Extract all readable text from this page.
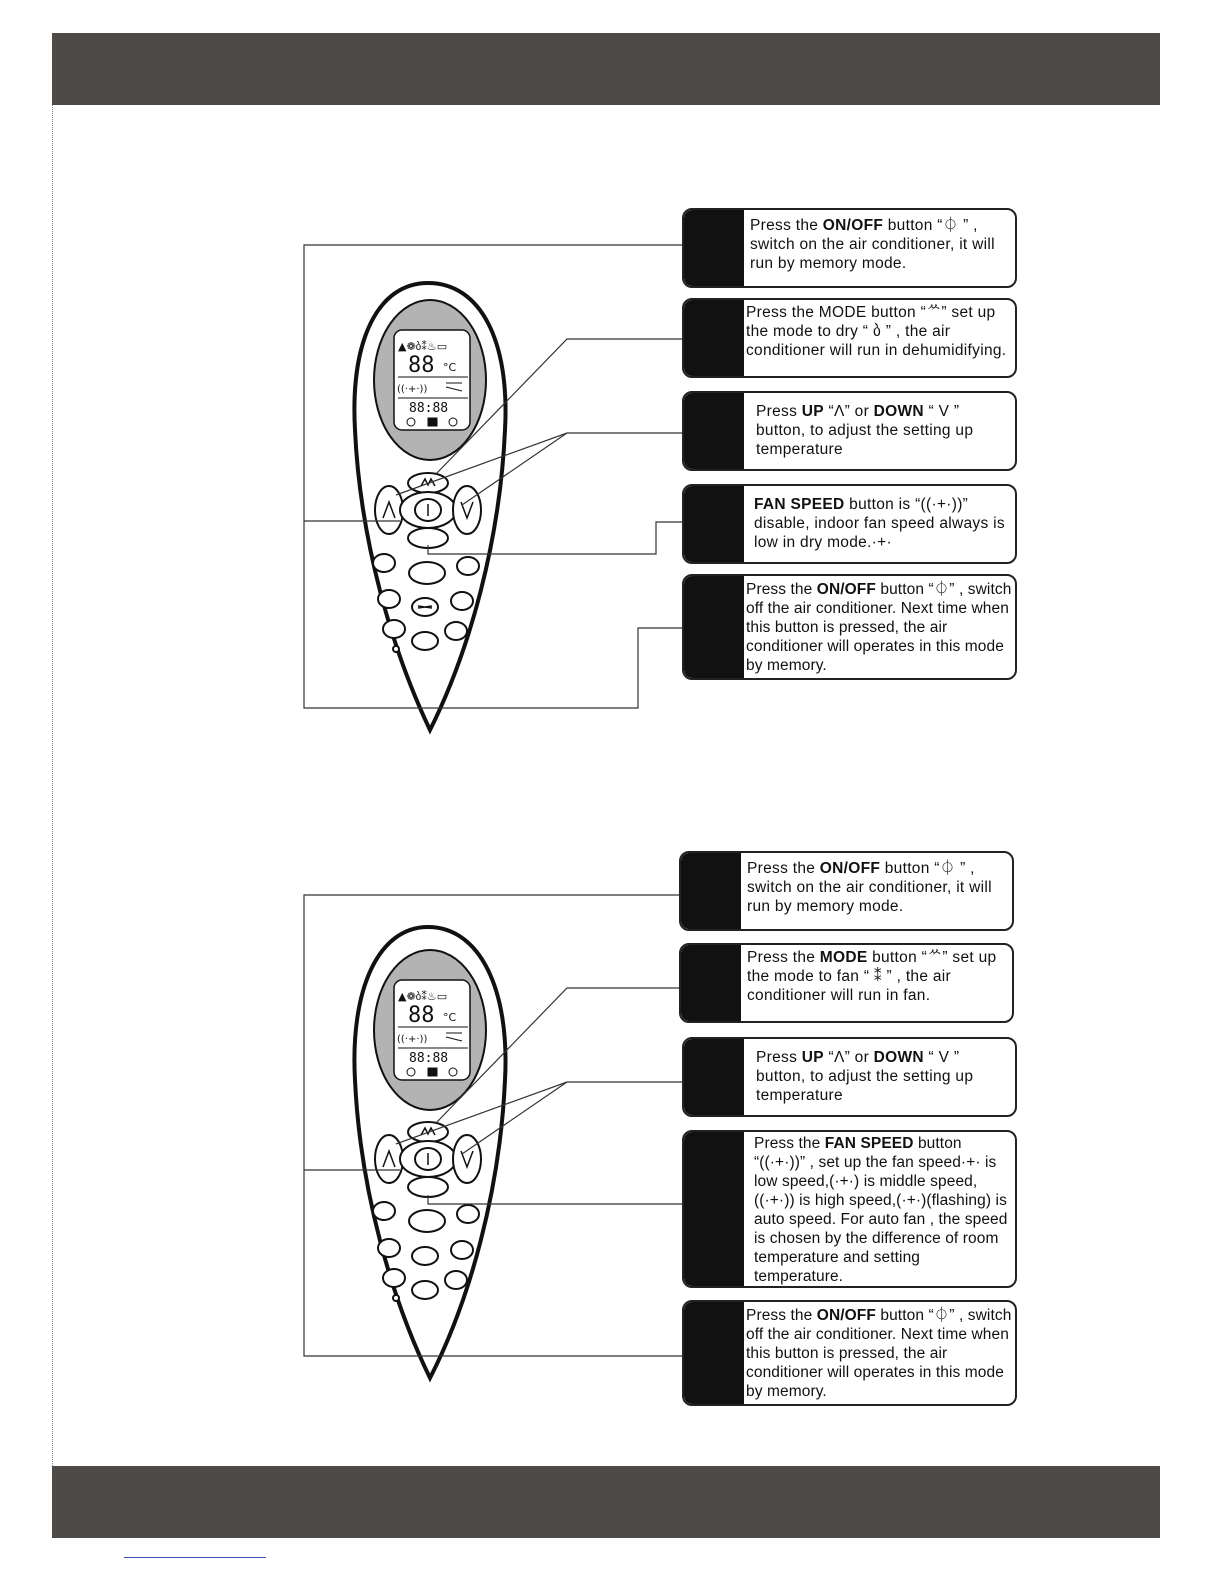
▲❁ბ⁑♨▭
88 °C
((·+·))
88:88
▲❁ბ⁑♨▭
88 °C
((·+·))
88:88
Press the ON/OFF button “⏀ ” , switch on the air conditioner, it will run by memory mode.
Press the MODE button “ᄊ” set up the mode to dry “ ბ ” , the air conditioner will run in dehumidifying.
Press UP “Λ” or DOWN “ V ” button, to adjust the setting up temperature
FAN SPEED button is “((·+·))” disable, indoor fan speed always is low in dry mode.·+·
Press the ON/OFF button “⏀” , switch off the air conditioner. Next time when this button is pressed, the air conditioner will operates in this mode by memory.
Press the ON/OFF button “⏀ ” , switch on the air conditioner, it will run by memory mode.
Press the MODE button “ᄊ” set up the mode to fan “ ⁑ ” , the air conditioner will run in fan.
Press UP “Λ” or DOWN “ V ” button, to adjust the setting up temperature
Press the FAN SPEED button “((·+·))” , set up the fan speed·+· is low speed,(·+·) is middle speed, ((·+·)) is high speed,(·+·)(flashing) is auto speed. For auto fan , the speed is chosen by the difference of room temperature and setting temperature.
Press the ON/OFF button “⏀” , switch off the air conditioner. Next time when this button is pressed, the air conditioner will operates in this mode by memory.
